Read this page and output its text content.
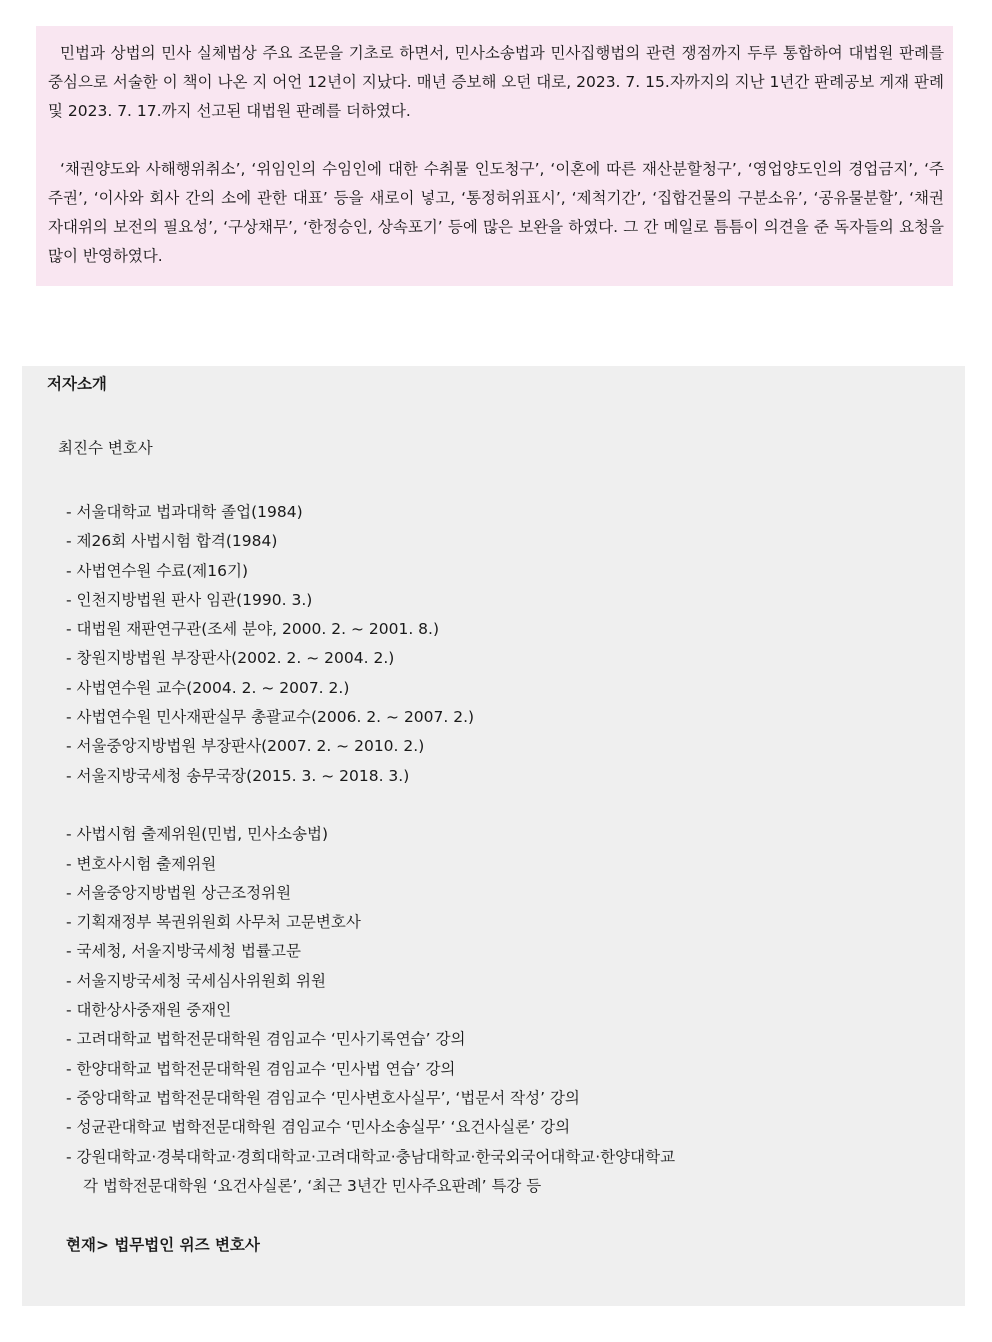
민법과 상법의 민사 실체법상 주요 조문을 기초로 하면서, 민사소송법과 민사집행법의 관련 쟁점까지 두루 통합하여 대법원 판례를 중심으로 서술한 이 책이 나온 지 어언 12년이 지났다. 매년 증보해 오던 대로, 2023. 7. 15.자까지의 지난 1년간 판례공보 게재 판례 및 2023. 7. 17.까지 선고된 대법원 판례를 더하였다.

‘채권양도와 사해행위취소’, ‘위임인의 수임인에 대한 수취물 인도청구’, ‘이혼에 따른 재산분할청구’, ‘영업양도인의 경업금지’, ‘주주권’, ‘이사와 회사 간의 소에 관한 대표’ 등을 새로이 넣고, ‘통정허위표시’, ‘제척기간’, ‘집합건물의 구분소유’, ‘공유물분할’, ‘채권자대위의 보전의 필요성’, ‘구상채무’, ‘한정승인, 상속포기’ 등에 많은 보완을 하였다. 그 간 메일로 틈틈이 의견을 준 독자들의 요청을 많이 반영하였다.

저자소개
최진수 변호사
- 서울대학교 법과대학 졸업(1984)
- 제26회 사법시험 합격(1984)
- 사법연수원 수료(제16기)
- 인천지방법원 판사 임관(1990. 3.)
- 대법원 재판연구관(조세 분야, 2000. 2. ~ 2001. 8.)
- 창원지방법원 부장판사(2002. 2. ~ 2004. 2.)
- 사법연수원 교수(2004. 2. ~ 2007. 2.)
- 사법연수원 민사재판실무 총괄교수(2006. 2. ~ 2007. 2.)
- 서울중앙지방법원 부장판사(2007. 2. ~ 2010. 2.)
- 서울지방국세청 송무국장(2015. 3. ~ 2018. 3.)
- 사법시험 출제위원(민법, 민사소송법)
- 변호사시험 출제위원
- 서울중앙지방법원 상근조정위원
- 기획재정부 복권위원회 사무처 고문변호사
- 국세청, 서울지방국세청 법률고문
- 서울지방국세청 국세심사위원회 위원
- 대한상사중재원 중재인
- 고려대학교 법학전문대학원 겸임교수 ‘민사기록연습’ 강의
- 한양대학교 법학전문대학원 겸임교수 ‘민사법 연습’ 강의
- 중앙대학교 법학전문대학원 겸임교수 ‘민사변호사실무’, ‘법문서 작성’ 강의
- 성균관대학교 법학전문대학원 겸임교수 ‘민사소송실무’ ‘요건사실론’ 강의
- 강원대학교·경북대학교·경희대학교·고려대학교·충남대학교·한국외국어대학교·한양대학교
각 법학전문대학원 ‘요건사실론’, ‘최근 3년간 민사주요판례’ 특강 등
현재> 법무법인 위즈 변호사
